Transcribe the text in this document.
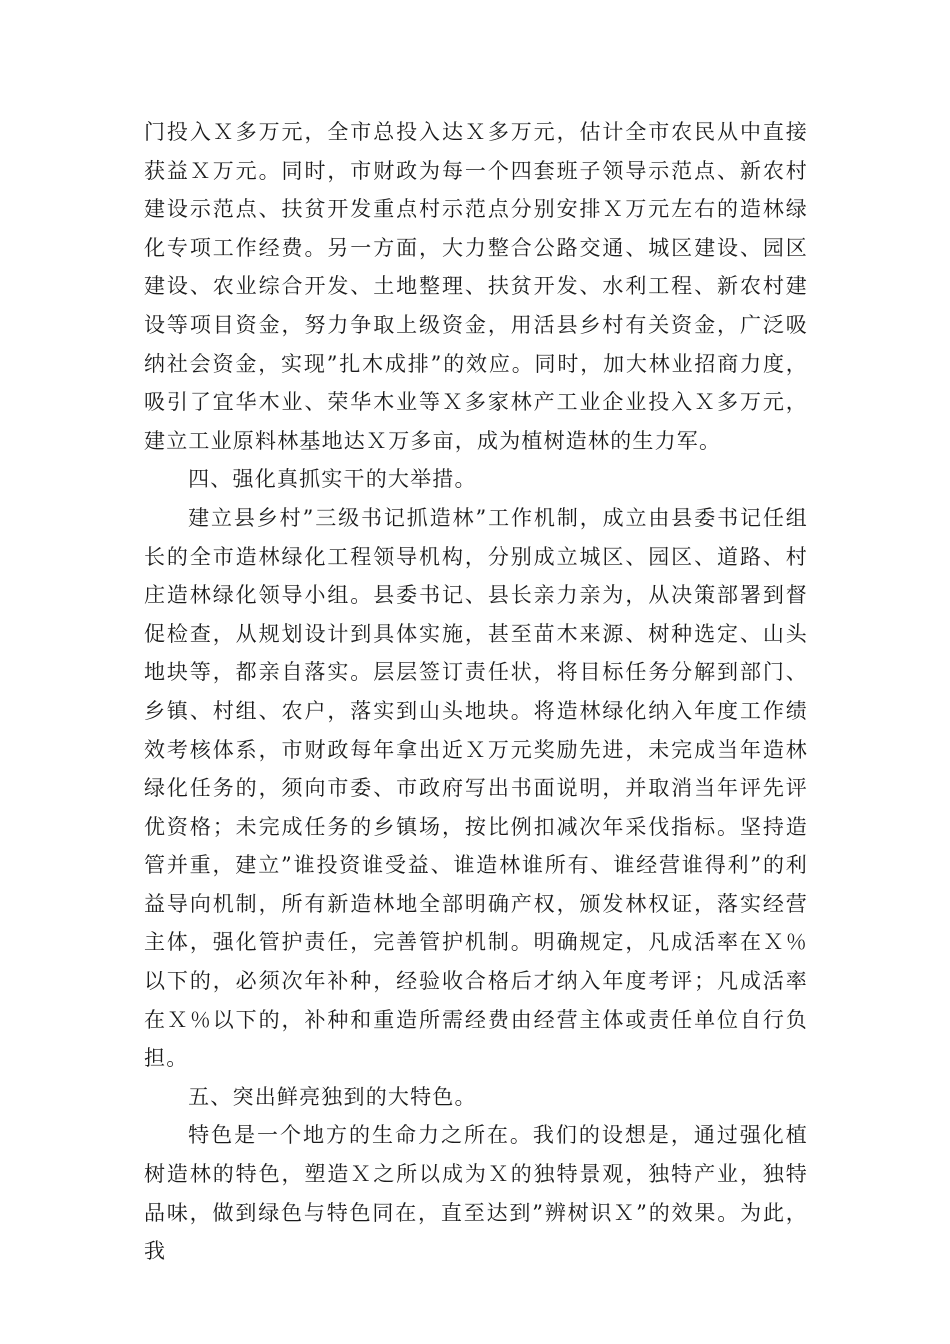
门投入Ｘ多万元，全市总投入达Ｘ多万元，估计全市农民从中直接获益Ｘ万元。同时，市财政为每一个四套班子领导示范点、新农村建设示范点、扶贫开发重点村示范点分别安排Ｘ万元左右的造林绿化专项工作经费。另一方面，大力整合公路交通、城区建设、园区建设、农业综合开发、土地整理、扶贫开发、水利工程、新农村建设等项目资金，努力争取上级资金，用活县乡村有关资金，广泛吸纳社会资金，实现”扎木成排”的效应。同时，加大林业招商力度，吸引了宜华木业、荣华木业等Ｘ多家林产工业企业投入Ｘ多万元，建立工业原料林基地达Ｘ万多亩，成为植树造林的生力军。

四、强化真抓实干的大举措。

建立县乡村”三级书记抓造林”工作机制，成立由县委书记任组长的全市造林绿化工程领导机构，分别成立城区、园区、道路、村庄造林绿化领导小组。县委书记、县长亲力亲为，从决策部署到督促检查，从规划设计到具体实施，甚至苗木来源、树种选定、山头地块等，都亲自落实。层层签订责任状，将目标任务分解到部门、乡镇、村组、农户，落实到山头地块。将造林绿化纳入年度工作绩效考核体系，市财政每年拿出近Ｘ万元奖励先进，未完成当年造林绿化任务的，须向市委、市政府写出书面说明，并取消当年评先评优资格；未完成任务的乡镇场，按比例扣减次年采伐指标。坚持造管并重，建立”谁投资谁受益、谁造林谁所有、谁经营谁得利”的利益导向机制，所有新造林地全部明确产权，颁发林权证，落实经营主体，强化管护责任，完善管护机制。明确规定，凡成活率在Ｘ％以下的，必须次年补种，经验收合格后才纳入年度考评；凡成活率在Ｘ％以下的，补种和重造所需经费由经营主体或责任单位自行负担。

五、突出鲜亮独到的大特色。

特色是一个地方的生命力之所在。我们的设想是，通过强化植树造林的特色，塑造Ｘ之所以成为Ｘ的独特景观，独特产业，独特品味，做到绿色与特色同在，直至达到”辨树识Ｘ”的效果。为此，我
